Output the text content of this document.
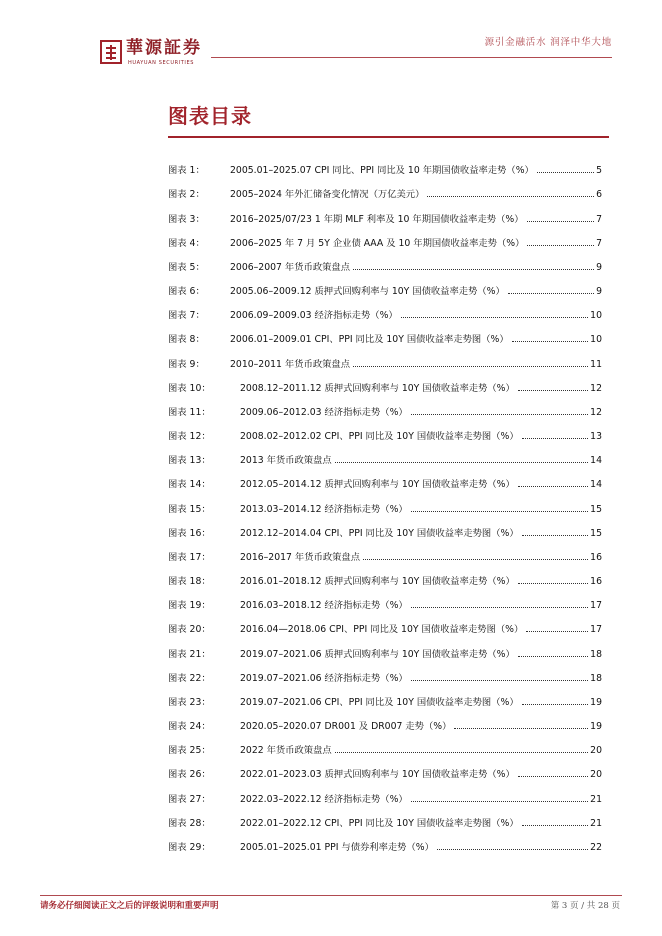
華源証券
HUAYUAN SECURITIES
源引金融活水 润泽中华大地
图表目录
图表 1：	2005.01–2025.07 CPI 同比、PPI 同比及 10 年期国债收益率走势（%）	5
图表 2：	2005–2024 年外汇储备变化情况（万亿美元）	6
图表 3：	2016–2025/07/23 1 年期 MLF 利率及 10 年期国债收益率走势（%）	7
图表 4：	2006–2025 年 7 月 5Y 企业债 AAA 及 10 年期国债收益率走势（%）	7
图表 5：	2006–2007 年货币政策盘点	9
图表 6：	2005.06–2009.12 质押式回购利率与 10Y 国债收益率走势（%）	9
图表 7：	2006.09–2009.03 经济指标走势（%）	10
图表 8：	2006.01–2009.01 CPI、PPI 同比及 10Y 国债收益率走势图（%）	10
图表 9：	2010–2011 年货币政策盘点	11
图表 10：	2008.12–2011.12 质押式回购利率与 10Y 国债收益率走势（%）	12
图表 11：	2009.06–2012.03 经济指标走势（%）	12
图表 12：	2008.02–2012.02 CPI、PPI 同比及 10Y 国债收益率走势图（%）	13
图表 13：	2013 年货币政策盘点	14
图表 14：	2012.05–2014.12 质押式回购利率与 10Y 国债收益率走势（%）	14
图表 15：	2013.03–2014.12 经济指标走势（%）	15
图表 16：	2012.12–2014.04 CPI、PPI 同比及 10Y 国债收益率走势图（%）	15
图表 17：	2016–2017 年货币政策盘点	16
图表 18：	2016.01–2018.12 质押式回购利率与 10Y 国债收益率走势（%）	16
图表 19：	2016.03–2018.12 经济指标走势（%）	17
图表 20：	2016.04—2018.06 CPI、PPI 同比及 10Y 国债收益率走势图（%）	17
图表 21：	2019.07–2021.06 质押式回购利率与 10Y 国债收益率走势（%）	18
图表 22：	2019.07–2021.06 经济指标走势（%）	18
图表 23：	2019.07–2021.06 CPI、PPI 同比及 10Y 国债收益率走势图（%）	19
图表 24：	2020.05–2020.07 DR001 及 DR007 走势（%）	19
图表 25：	2022 年货币政策盘点	20
图表 26：	2022.01–2023.03 质押式回购利率与 10Y 国债收益率走势（%）	20
图表 27：	2022.03–2022.12 经济指标走势（%）	21
图表 28：	2022.01–2022.12 CPI、PPI 同比及 10Y 国债收益率走势图（%）	21
图表 29：	2005.01–2025.01 PPI 与债券利率走势（%）	22
请务必仔细阅读正文之后的评级说明和重要声明	第 3 页 / 共 28 页
